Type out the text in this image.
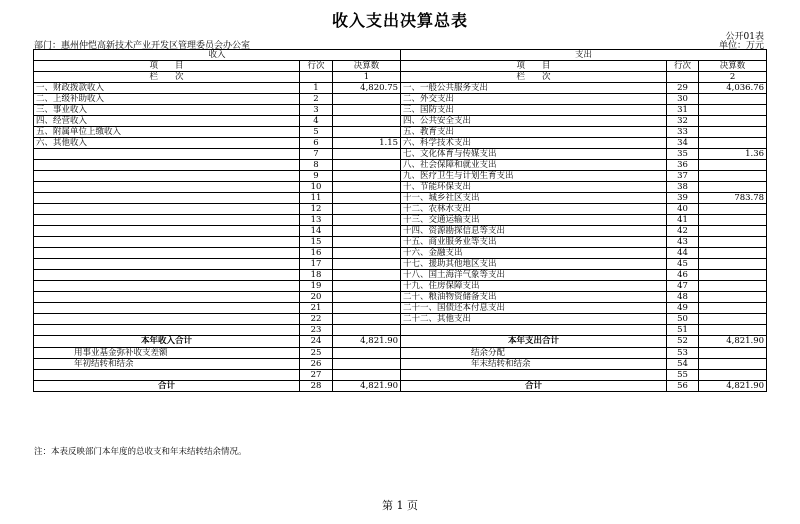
收入支出决算总表
公开01表
部门：惠州仲恺高新技术产业开发区管理委员会办公室	单位：万元
收入			支出		
项　　目	行次	决算数	项　　目	行次	决算数
栏　　次		1	栏　　次		2
一、财政拨款收入	1	4,820.75	一、一般公共服务支出	29	4,036.76
二、上级补助收入	2		二、外交支出	30	
三、事业收入	3		三、国防支出	31	
四、经营收入	4		四、公共安全支出	32	
五、附属单位上缴收入	5		五、教育支出	33	
六、其他收入	6	1.15	六、科学技术支出	34	
	7		七、文化体育与传媒支出	35	1.36
	8		八、社会保障和就业支出	36	
	9		九、医疗卫生与计划生育支出	37	
	10		十、节能环保支出	38	
	11		十一、城乡社区支出	39	783.78
	12		十二、农林水支出	40	
	13		十三、交通运输支出	41	
	14		十四、资源勘探信息等支出	42	
	15		十五、商业服务业等支出	43	
	16		十六、金融支出	44	
	17		十七、援助其他地区支出	45	
	18		十八、国土海洋气象等支出	46	
	19		十九、住房保障支出	47	
	20		二十、粮油物资储备支出	48	
	21		二十一、国债还本付息支出	49	
	22		二十二、其他支出	50	
	23			51	
本年收入合计	24	4,821.90	本年支出合计	52	4,821.90
用事业基金弥补收支差额	25		结余分配	53	
年初结转和结余	26		年末结转和结余	54	
	27			55	
合计	28	4,821.90	合计	56	4,821.90
注：本表反映部门本年度的总收支和年末结转结余情况。
第 1 页
